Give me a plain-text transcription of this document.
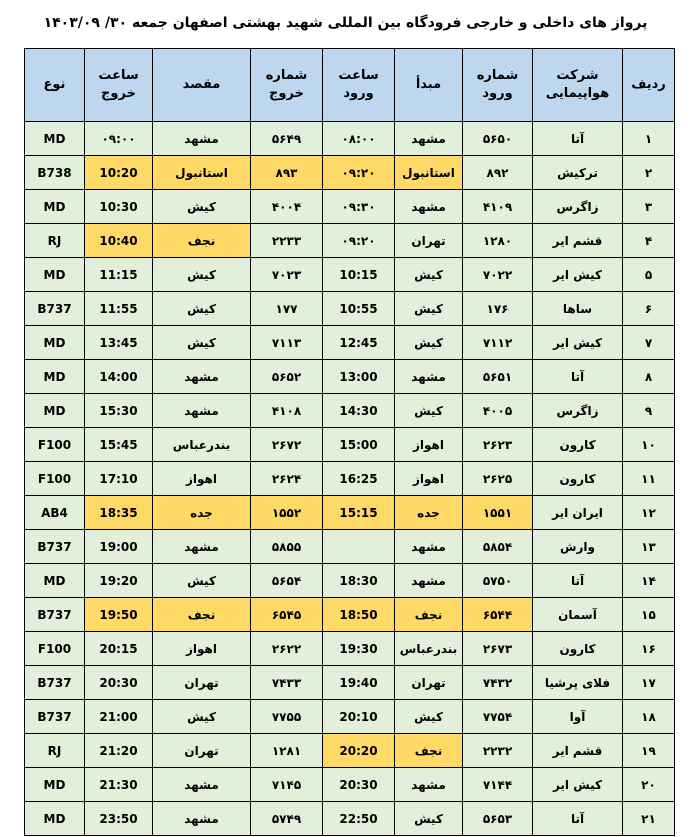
پرواز های داخلی و خارجی فرودگاه بین المللی شهید بهشتی اصفهان جمعه ۳۰/ ۱۴۰۳/۰۹
ردیف	شرکت هواپیمایی	شماره ورود	مبدأ	ساعت ورود	شماره خروج	مقصد	ساعت خروج	نوع
۱	آتا	۵۶۵۰	مشهد	۰۸:۰۰	۵۶۴۹	مشهد	۰۹:۰۰	MD
۲	ترکیش	۸۹۲	استانبول	۰۹:۲۰	۸۹۳	استانبول	10:20	B738
۳	زاگرس	۴۱۰۹	مشهد	۰۹:۳۰	۴۰۰۴	کیش	10:30	MD
۴	قشم ایر	۱۲۸۰	تهران	۰۹:۲۰	۲۲۳۳	نجف	10:40	RJ
۵	کیش ایر	۷۰۲۲	کیش	10:15	۷۰۲۳	کیش	11:15	MD
۶	ساها	۱۷۶	کیش	10:55	۱۷۷	کیش	11:55	B737
۷	کیش ایر	۷۱۱۲	کیش	12:45	۷۱۱۳	کیش	13:45	MD
۸	آتا	۵۶۵۱	مشهد	13:00	۵۶۵۲	مشهد	14:00	MD
۹	زاگرس	۴۰۰۵	کیش	14:30	۴۱۰۸	مشهد	15:30	MD
۱۰	کارون	۲۶۲۳	اهواز	15:00	۲۶۷۲	بندرعباس	15:45	F100
۱۱	کارون	۲۶۲۵	اهواز	16:25	۲۶۲۴	اهواز	17:10	F100
۱۲	ایران ایر	۱۵۵۱	جده	15:15	۱۵۵۲	جده	18:35	AB4
۱۳	وارش	۵۸۵۴	مشهد		۵۸۵۵	مشهد	19:00	B737
۱۴	آتا	۵۷۵۰	مشهد	18:30	۵۶۵۴	کیش	19:20	MD
۱۵	آسمان	۶۵۴۴	نجف	18:50	۶۵۴۵	نجف	19:50	B737
۱۶	کارون	۲۶۷۳	بندرعباس	19:30	۲۶۲۲	اهواز	20:15	F100
۱۷	فلای پرشیا	۷۴۳۲	تهران	19:40	۷۴۳۳	تهران	20:30	B737
۱۸	آوا	۷۷۵۴	کیش	20:10	۷۷۵۵	کیش	21:00	B737
۱۹	قشم ایر	۲۲۳۲	نجف	20:20	۱۲۸۱	تهران	21:20	RJ
۲۰	کیش ایر	۷۱۴۴	مشهد	20:30	۷۱۴۵	مشهد	21:30	MD
۲۱	آتا	۵۶۵۳	کیش	22:50	۵۷۴۹	مشهد	23:50	MD
